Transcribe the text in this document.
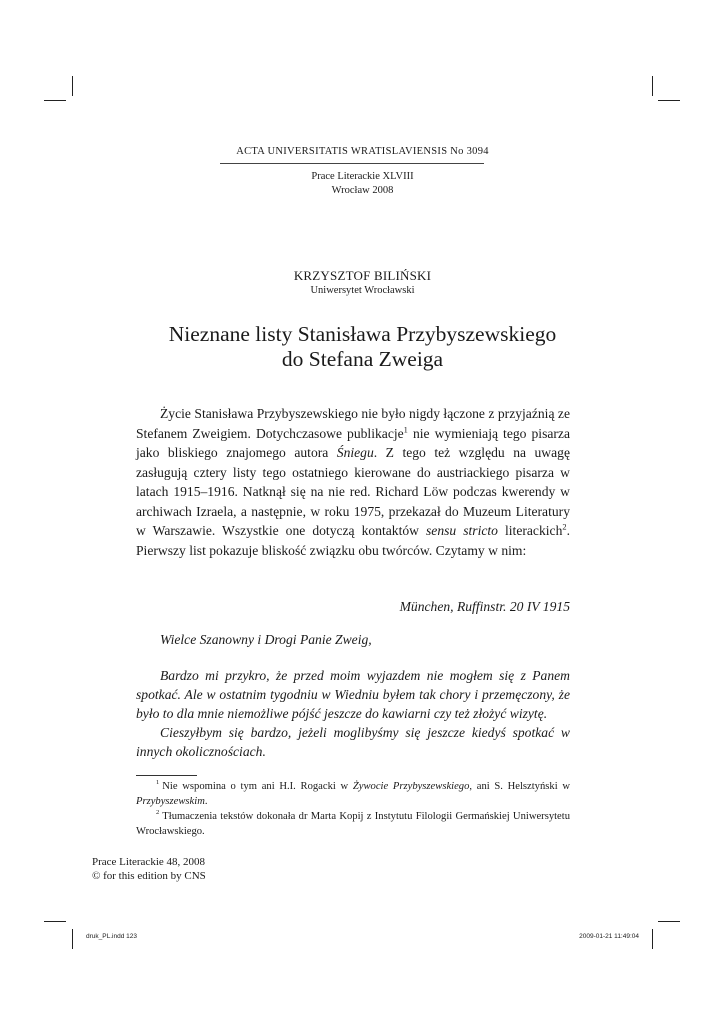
ACTA UNIVERSITATIS WRATISLAVIENSIS No 3094
Prace Literackie XLVIII
Wrocław 2008
KRZYSZTOF BILIŃSKI
Uniwersytet Wrocławski
Nieznane listy Stanisława Przybyszewskiego
do Stefana Zweiga

Życie Stanisława Przybyszewskiego nie było nigdy łączone z przyjaźnią ze Stefanem Zweigiem. Dotychczasowe publikacje$^1$ nie wymieniają tego pisarza jako bliskiego znajomego autora Śniegu. Z tego też względu na uwagę zasługują cztery listy tego ostatniego kierowane do austriackiego pisarza w latach 1915–1916. Natknął się na nie red. Richard Löw podczas kwerendy w archiwach Izraela, a następnie, w roku 1975, przekazał do Muzeum Literatury w Warszawie. Wszystkie one dotyczą kontaktów sensu stricto literackich$^2$. Pierwszy list pokazuje bliskość związku obu twórców. Czytamy w nim:

München, Ruffinstr. 20 IV 1915
Wielce Szanowny i Drogi Panie Zweig,

Bardzo mi przykro, że przed moim wyjazdem nie mogłem się z Panem spotkać. Ale w ostatnim tygodniu w Wiedniu byłem tak chory i przemęczony, że było to dla mnie niemożliwe pójść jeszcze do kawiarni czy też złożyć wizytę.

Cieszyłbym się bardzo, jeżeli moglibyśmy się jeszcze kiedyś spotkać w innych okolicznościach.

$^1$ Nie wspomina o tym ani H.I. Rogacki w Żywocie Przybyszewskiego, ani S. Helsztyński w Przybyszewskim.

$^2$ Tłumaczenia tekstów dokonała dr Marta Kopij z Instytutu Filologii Germańskiej Uniwersytetu Wrocławskiego.

Prace Literackie 48, 2008
© for this edition by CNS
druk_PL.indd 123	2009-01-21 11:49:04
